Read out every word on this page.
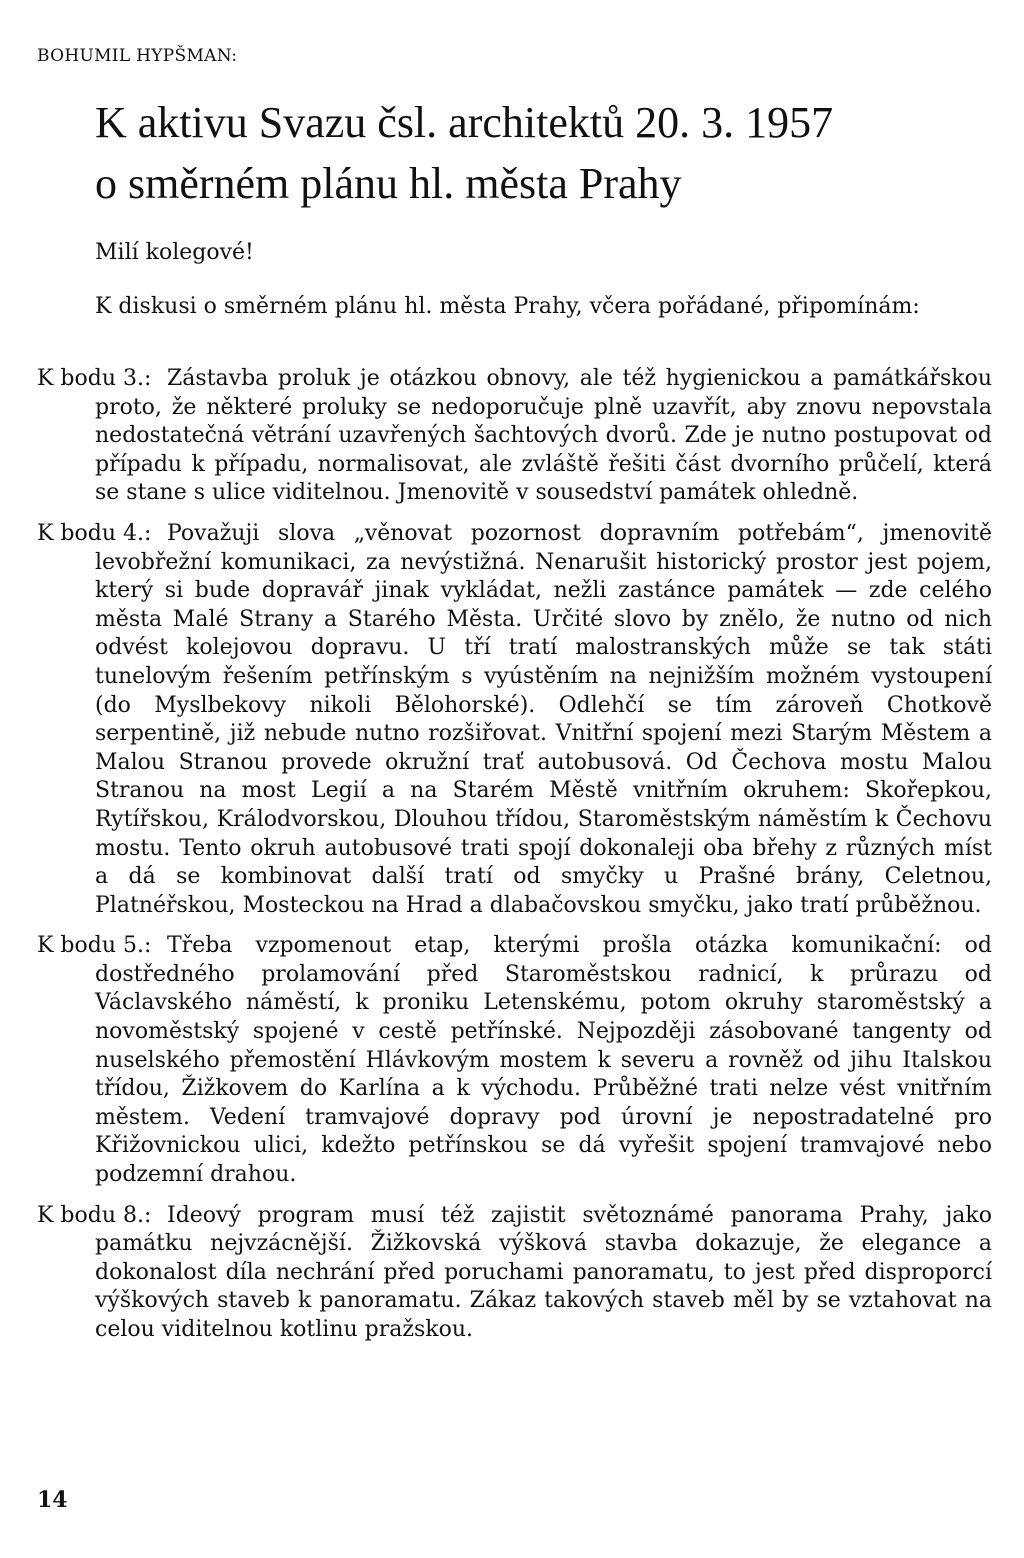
BOHUMIL HYPŠMAN:
K aktivu Svazu čsl. architektů 20. 3. 1957
o směrném plánu hl. města Prahy
Milí kolegové!

K diskusi o směrném plánu hl. města Prahy, včera pořádané, připomínám:

K bodu 3.: Zástavba proluk je otázkou obnovy, ale též hygienickou a památkářskou proto, že některé proluky se nedoporučuje plně uzavřít, aby znovu nepovstala nedostatečná větrání uzavřených šachtových dvorů. Zde je nutno postupovat od případu k případu, normalisovat, ale zvláště řešiti část dvorního průčelí, která se stane s ulice viditelnou. Jmenovitě v sousedství památek ohledně.

K bodu 4.: Považuji slova „věnovat pozornost dopravním potřebám“, jmenovitě levobřežní komunikaci, za nevýstižná. Nenarušit historický prostor jest pojem, který si bude dopravář jinak vykládat, nežli zastánce památek — zde celého města Malé Strany a Starého Města. Určité slovo by znělo, že nutno od nich odvést kolejovou dopravu. U tří tratí malostranských může se tak státi tunelovým řešením petřínským s vyústěním na nejnižším možném vystoupení (do Myslbekovy nikoli Bělohorské). Odlehčí se tím zároveň Chotkově serpentině, již nebude nutno rozšiřovat. Vnitřní spojení mezi Starým Městem a Malou Stranou provede okružní trať autobusová. Od Čechova mostu Malou Stranou na most Legií a na Starém Městě vnitřním okruhem: Skořepkou, Rytířskou, Králodvorskou, Dlouhou třídou, Staroměstským náměstím k Čechovu mostu. Tento okruh autobusové trati spojí dokonaleji oba břehy z různých míst a dá se kombinovat další tratí od smyčky u Prašné brány, Celetnou, Platnéřskou, Mosteckou na Hrad a dlabačovskou smyčku, jako tratí průběžnou.

K bodu 5.: Třeba vzpomenout etap, kterými prošla otázka komunikační: od dostředného prolamování před Staroměstskou radnicí, k průrazu od Václavského náměstí, k proniku Letenskému, potom okruhy staroměstský a novoměstský spojené v cestě petřínské. Nejpozději zásobované tangenty od nuselského přemostění Hlávkovým mostem k severu a rovněž od jihu Italskou třídou, Žižkovem do Karlína a k východu. Průběžné trati nelze vést vnitřním městem. Vedení tramvajové dopravy pod úrovní je nepostradatelné pro Křižovnickou ulici, kdežto petřínskou se dá vyřešit spojení tramvajové nebo podzemní drahou.

K bodu 8.: Ideový program musí též zajistit světoznámé panorama Prahy, jako památku nejvzácnější. Žižkovská výšková stavba dokazuje, že elegance a dokonalost díla nechrání před poruchami panoramatu, to jest před disproporcí výškových staveb k panoramatu. Zákaz takových staveb měl by se vztahovat na celou viditelnou kotlinu pražskou.

14
